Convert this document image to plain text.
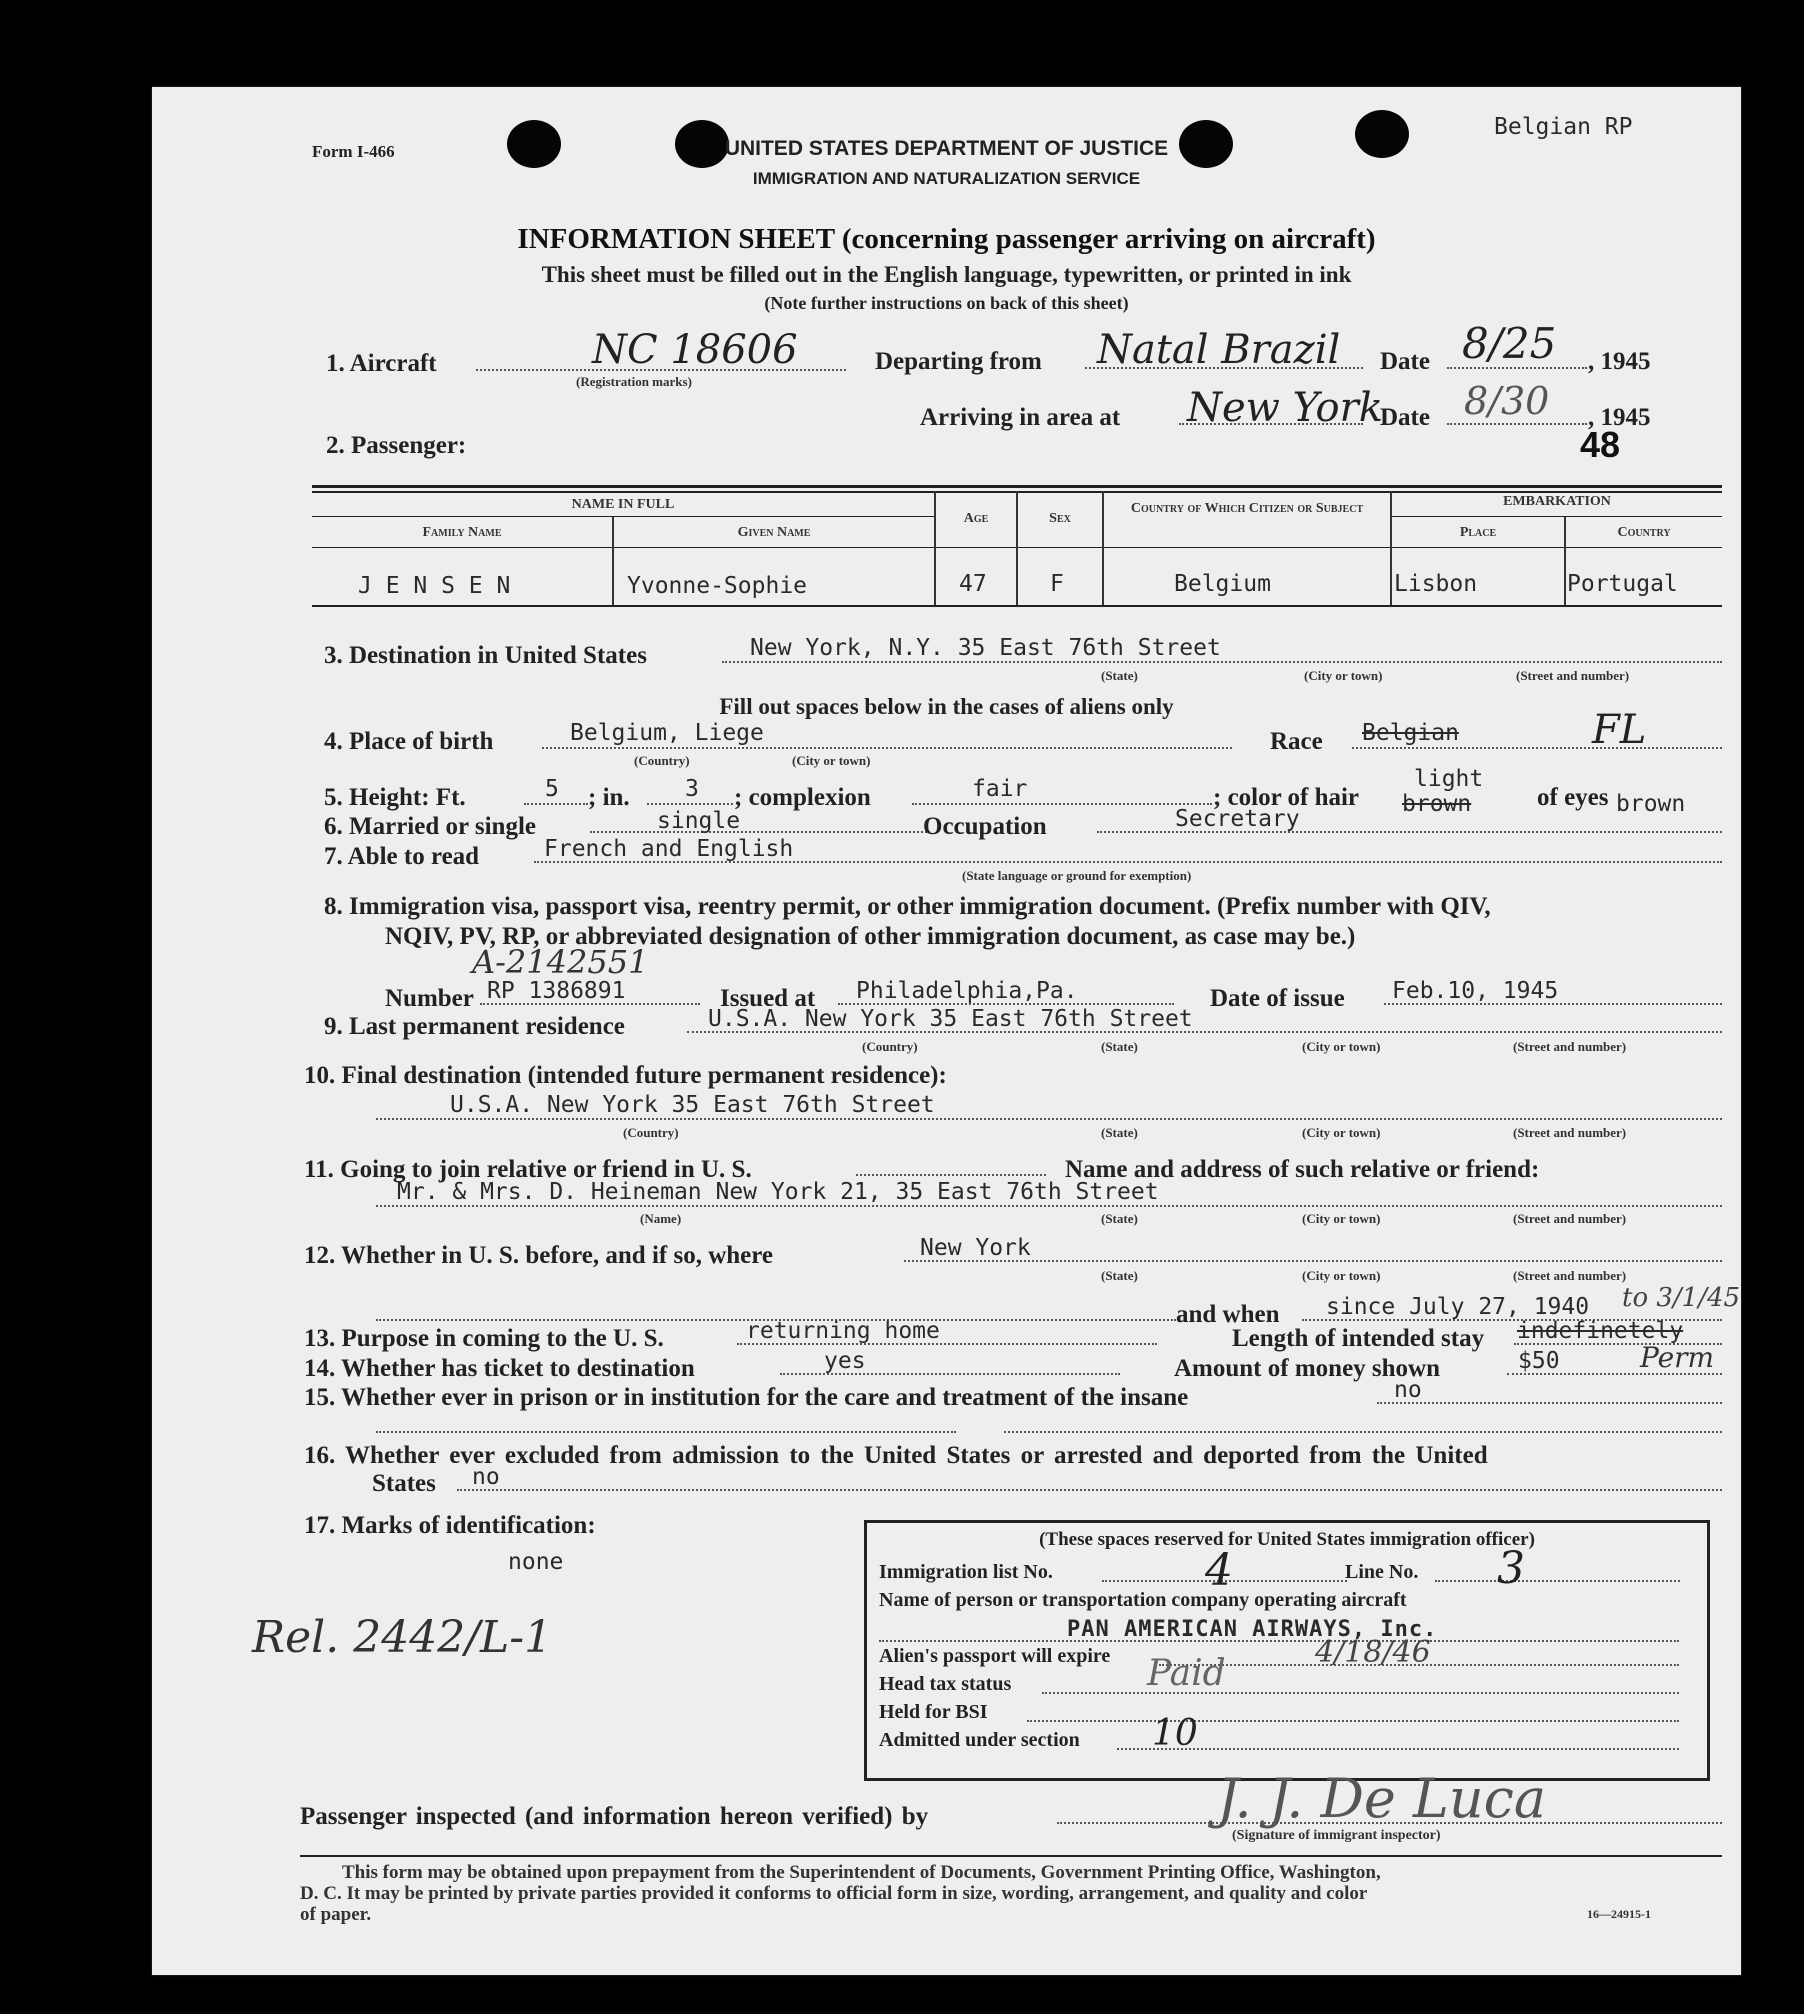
Form I-466
Belgian RP
UNITED STATES DEPARTMENT OF JUSTICE
IMMIGRATION AND NATURALIZATION SERVICE
INFORMATION SHEET (concerning passenger arriving on aircraft)
This sheet must be filled out in the English language, typewritten, or printed in ink
(Note further instructions on back of this sheet)
1. Aircraft	NC 18606
(Registration marks)
Departing from Natal Brazil Date 8/25 , 1945
Arriving in area at New York
Date 8/30 , 1945
48
2. Passenger:
NAME IN FULL
Family Name	Given Name
Age	Sex
Country of Which Citizen or Subject	EMBARKATION
Place	Country
J E N S E N	Yvonne-Sophie	47	F	Belgium	Lisbon	Portugal
3. Destination in United States	New York, N.Y. 35 East 76th Street
(State)	(City or town)	(Street and number)
Fill out spaces below in the cases of aliens only
4. Place of birth	Belgium, Liege
(Country)	(City or town)
Race Belgian	FL
5. Height: Ft.	5 ; in. 3 ; complexion	fair	; color of hair
light
brown	of eyes brown
6. Married or single	single	Occupation	Secretary
7. Able to read	French and English
(State language or ground for exemption)
8. Immigration visa, passport visa, reentry permit, or other immigration document. (Prefix number with QIV,
NQIV, PV, RP, or abbreviated designation of other immigration document, as case may be.)
A-2142551
Number RP 1386891	Issued at Philadelphia,Pa.	Date of issue Feb.10, 1945
9. Last permanent residence	U.S.A. New York 35 East 76th Street
(Country)	(State)	(City or town)	(Street and number)
10. Final destination (intended future permanent residence):
U.S.A. New York 35 East 76th Street
(Country)	(State)	(City or town)	(Street and number)
11. Going to join relative or friend in U. S.	Name and address of such relative or friend:
Mr. & Mrs. D. Heineman New York 21, 35 East 76th Street
(Name)	(State)	(City or town)	(Street and number)
12. Whether in U. S. before, and if so, where	New York
(State)	(City or town)	(Street and number)
and when since July 27, 1940 to 3/1/45
13. Purpose in coming to the U. S.	returning home	Length of intended stay indefinetely
14. Whether has ticket to destination	yes	Amount of money shown	$50	Perm
15. Whether ever in prison or in institution for the care and treatment of the insane	no
16. Whether ever excluded from admission to the United States or arrested and deported from the United
States no
17. Marks of identification:
none
Rel. 2442/L-1
(These spaces reserved for United States immigration officer)
Immigration list No.	4	Line No. 3
Name of person or transportation company operating aircraft
PAN AMERICAN AIRWAYS, Inc.
Alien's passport will expire	4/18/46
Head tax status	Paid
Held for BSI
Admitted under section 10
Passenger inspected (and information hereon verified) by	J. J. De Luca
(Signature of immigrant inspector)
This form may be obtained upon prepayment from the Superintendent of Documents, Government Printing Office, Washington,
D. C. It may be printed by private parties provided it conforms to official form in size, wording, arrangement, and quality and color
of paper.	16—24915-1
